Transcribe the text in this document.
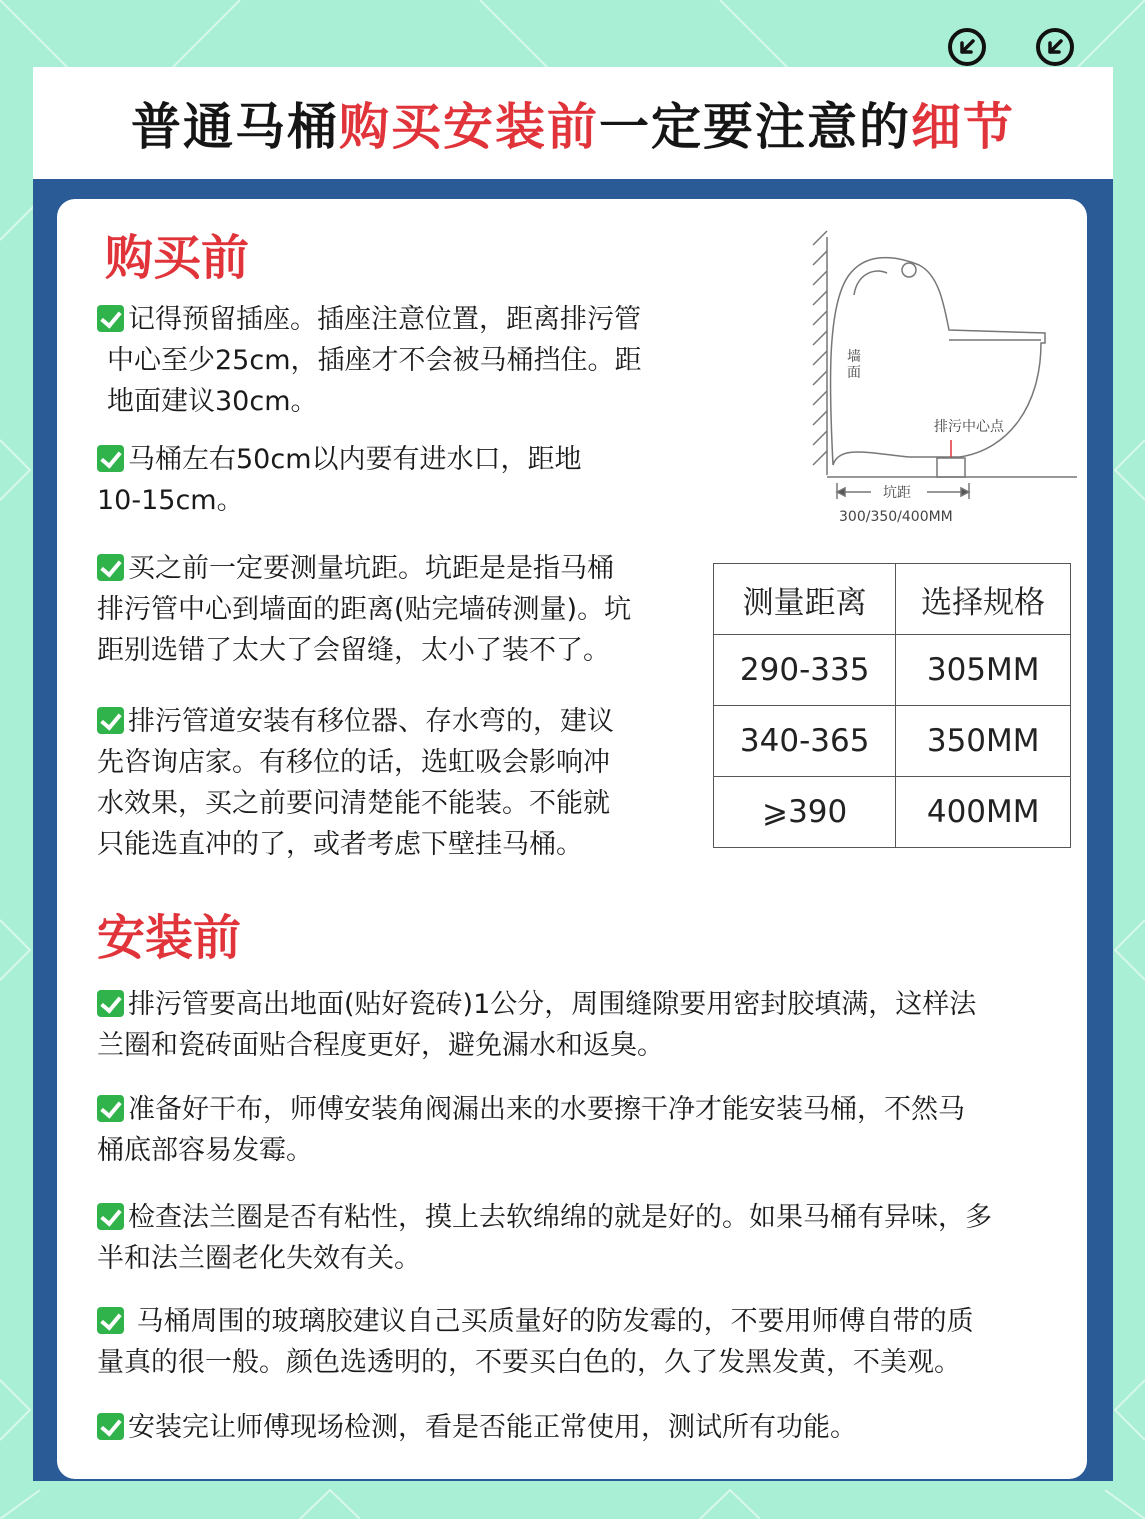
普通马桶 购买安装前 一定要注意的 细节
购买前
记得预留插座。插座注意位置，距离排污管
中心至少25cm，插座才不会被马桶挡住。距
地面建议30cm。
马桶左右50cm以内要有进水口，距地
10-15cm。
买之前一定要测量坑距。坑距是是指马桶
排污管中心到墙面的距离(贴完墙砖测量)。坑
距别选错了太大了会留缝，太小了装不了。
排污管道安装有移位器、存水弯的，建议
先咨询店家。有移位的话，选虹吸会影响冲
水效果，买之前要问清楚能不能装。不能就
只能选直冲的了，或者考虑下壁挂马桶。
墙
面
排污中心点
坑距
300/350/400MM
测量距离	选择规格
290-335	305MM
340-365	350MM
⩾390	400MM
安装前
排污管要高出地面(贴好瓷砖)1公分，周围缝隙要用密封胶填满，这样法
兰圈和瓷砖面贴合程度更好，避免漏水和返臭。
准备好干布，师傅安装角阀漏出来的水要擦干净才能安装马桶，不然马
桶底部容易发霉。
检查法兰圈是否有粘性，摸上去软绵绵的就是好的。如果马桶有异味，多
半和法兰圈老化失效有关。
马桶周围的玻璃胶建议自己买质量好的防发霉的，不要用师傅自带的质
量真的很一般。颜色选透明的，不要买白色的，久了发黑发黄，不美观。
安装完让师傅现场检测，看是否能正常使用，测试所有功能。
